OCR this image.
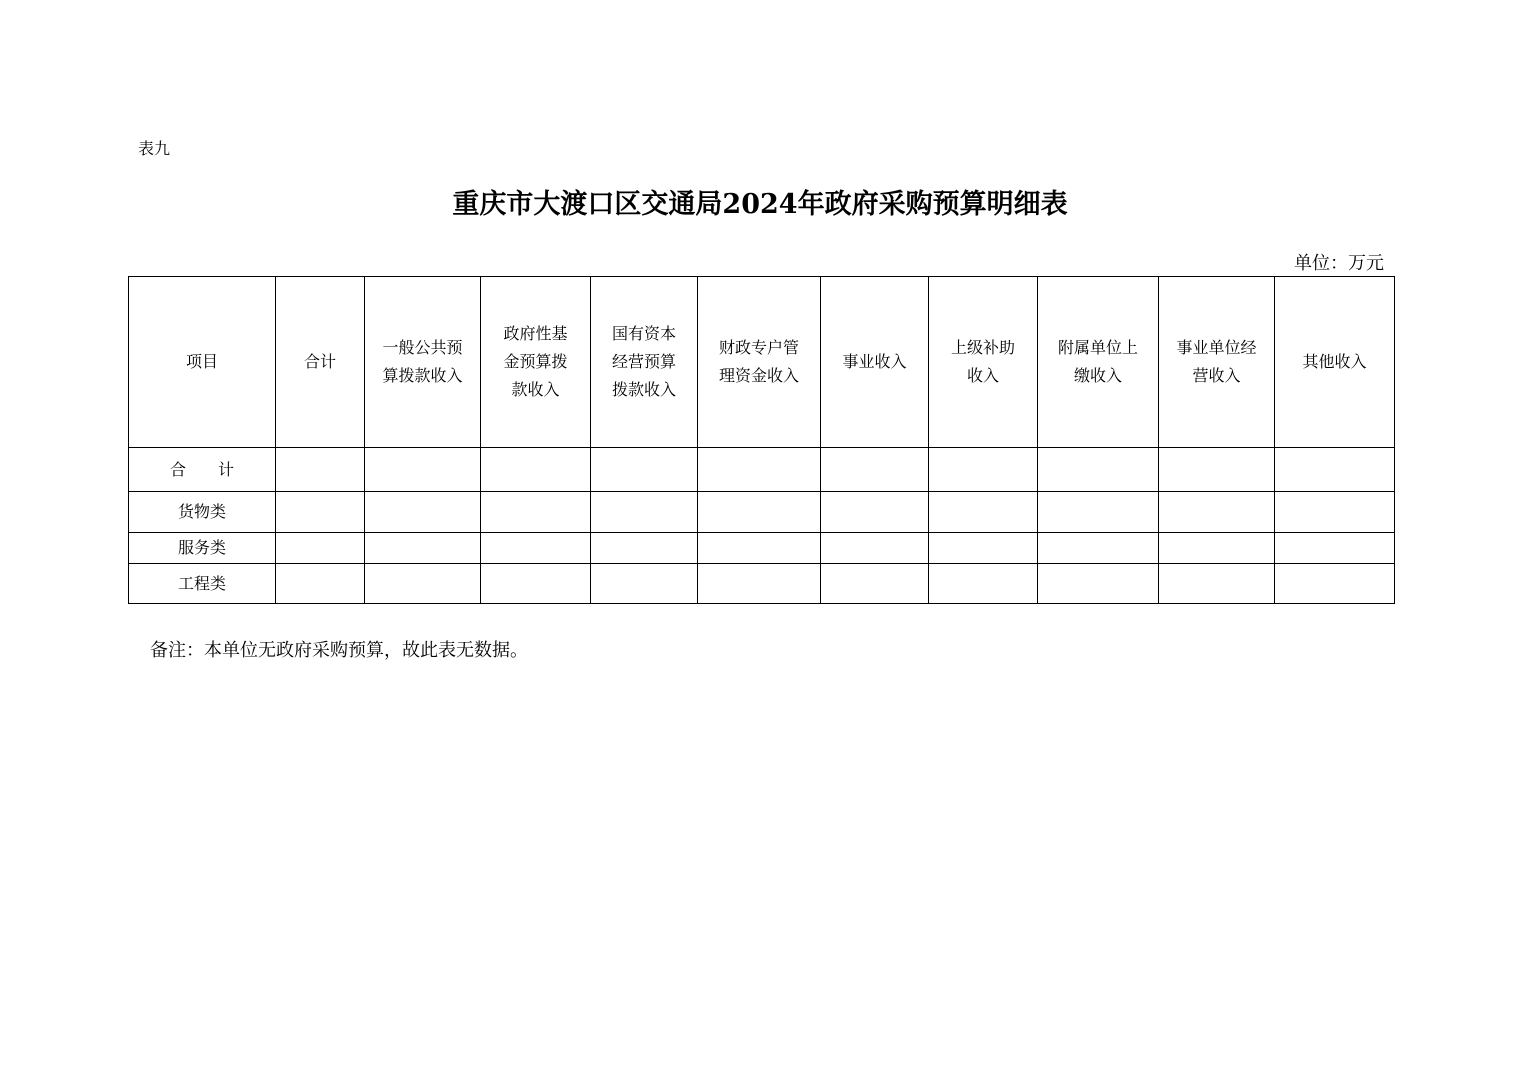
表九
重庆市大渡口区交通局2024年政府采购预算明细表
单位：万元
项目	合计	一般公共预算拨款收入	政府性基金预算拨款收入	国有资本经营预算拨款收入	财政专户管理资金收入	事业收入	上级补助收入	附属单位上缴收入	事业单位经营收入	其他收入
合　　计										
货物类										
服务类										
工程类										
备注：本单位无政府采购预算，故此表无数据。
